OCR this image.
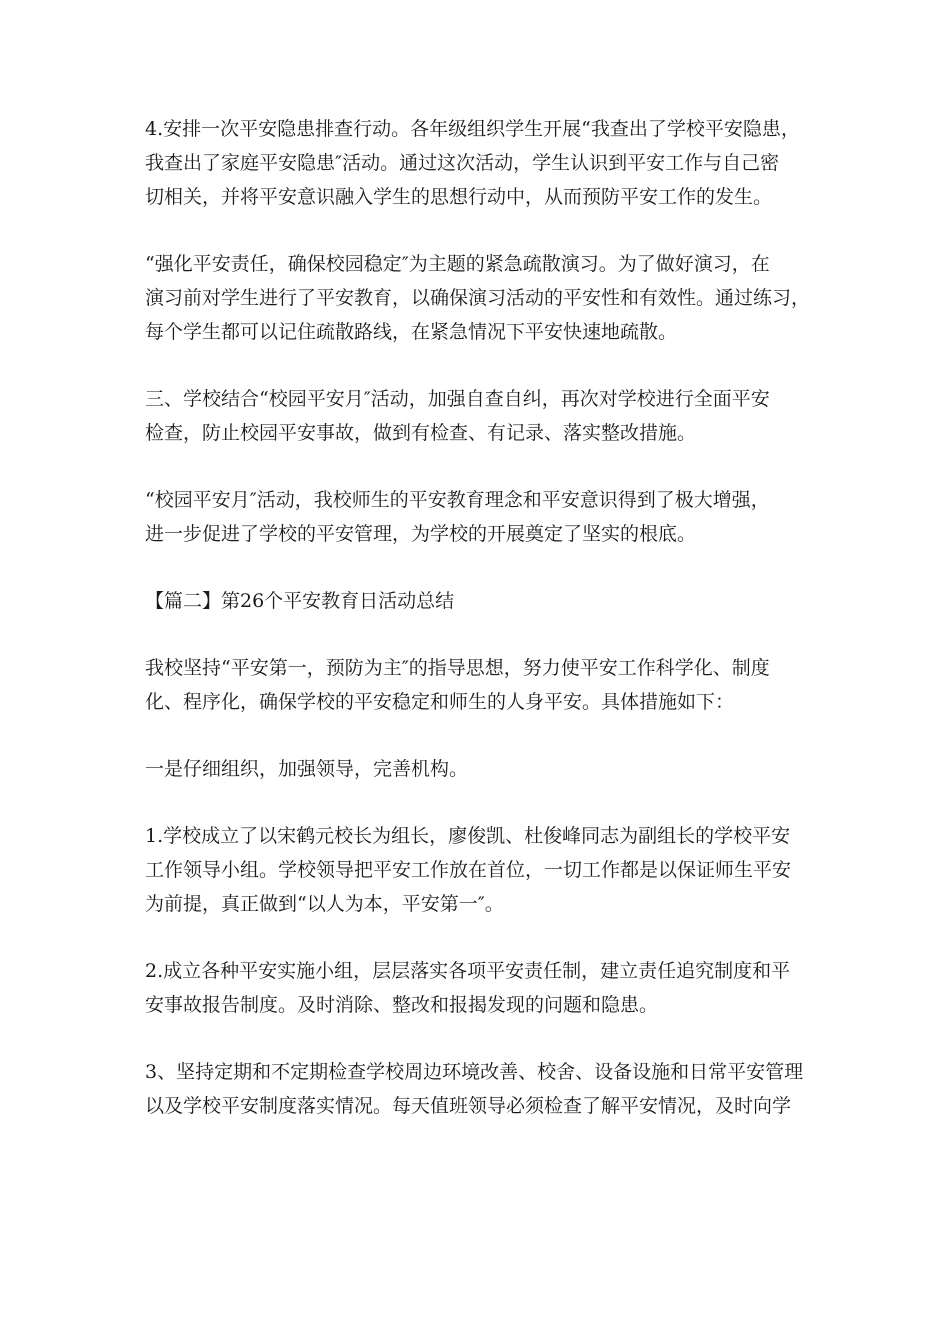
4.安排一次平安隐患排查行动。各年级组织学生开展“我查出了学校平安隐患，
我查出了家庭平安隐患″活动。通过这次活动，学生认识到平安工作与自己密
切相关，并将平安意识融入学生的思想行动中，从而预防平安工作的发生。
“强化平安责任，确保校园稳定″为主题的紧急疏散演习。为了做好演习，在
演习前对学生进行了平安教育，以确保演习活动的平安性和有效性。通过练习，
每个学生都可以记住疏散路线，在紧急情况下平安快速地疏散。
三、学校结合“校园平安月″活动，加强自查自纠，再次对学校进行全面平安
检查，防止校园平安事故，做到有检查、有记录、落实整改措施。
“校园平安月″活动，我校师生的平安教育理念和平安意识得到了极大增强，
进一步促进了学校的平安管理，为学校的开展奠定了坚实的根底。
【篇二】第26个平安教育日活动总结
我校坚持“平安第一，预防为主″的指导思想，努力使平安工作科学化、制度
化、程序化，确保学校的平安稳定和师生的人身平安。具体措施如下：
一是仔细组织，加强领导，完善机构。
1.学校成立了以宋鹤元校长为组长，廖俊凯、杜俊峰同志为副组长的学校平安
工作领导小组。学校领导把平安工作放在首位，一切工作都是以保证师生平安
为前提，真正做到“以人为本，平安第一″。
2.成立各种平安实施小组，层层落实各项平安责任制，建立责任追究制度和平
安事故报告制度。及时消除、整改和报揭发现的问题和隐患。
3、坚持定期和不定期检查学校周边环境改善、校舍、设备设施和日常平安管理
以及学校平安制度落实情况。每天值班领导必须检查了解平安情况，及时向学
